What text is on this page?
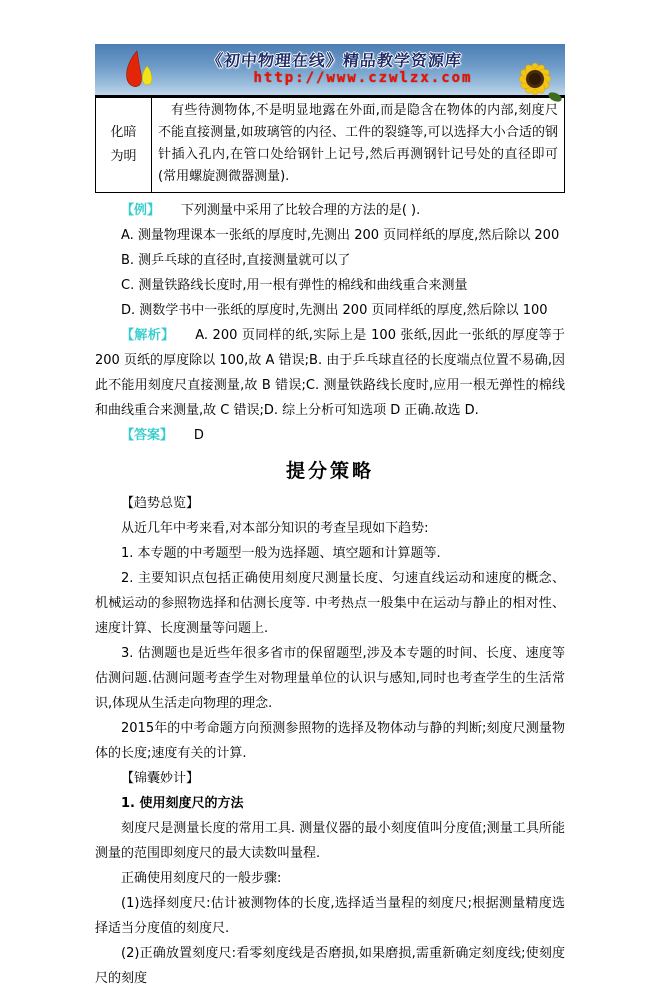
《初中物理在线》精品教学资源库
http://www.czwlzx.com
化暗
为明
	有些待测物体,不是明显地露在外面,而是隐含在物体的内部,刻度尺不能直接测量,如玻璃管的内径、工件的裂缝等,可以选择大小合适的钢针插入孔内,在管口处给钢针上记号,然后再测钢针记号处的直径即可(常用螺旋测微器测量).

【例】 下列测量中采用了比较合理的方法的是( ).

A. 测量物理课本一张纸的厚度时,先测出 200 页同样纸的厚度,然后除以 200

B. 测乒乓球的直径时,直接测量就可以了

C. 测量铁路线长度时,用一根有弹性的棉线和曲线重合来测量

D. 测数学书中一张纸的厚度时,先测出 200 页同样纸的厚度,然后除以 100

【解析】 A. 200 页同样的纸,实际上是 100 张纸,因此一张纸的厚度等于 200 页纸的厚度除以 100,故 A 错误;B. 由于乒乓球直径的长度端点位置不易确,因此不能用刻度尺直接测量,故 B 错误;C. 测量铁路线长度时,应用一根无弹性的棉线和曲线重合来测量,故 C 错误;D. 综上分析可知选项 D 正确.故选 D.

【答案】 D

提分策略

【趋势总览】

从近几年中考来看,对本部分知识的考查呈现如下趋势:

1. 本专题的中考题型一般为选择题、填空题和计算题等.

2. 主要知识点包括正确使用刻度尺测量长度、匀速直线运动和速度的概念、机械运动的参照物选择和估测长度等. 中考热点一般集中在运动与静止的相对性、速度计算、长度测量等问题上.

3. 估测题也是近些年很多省市的保留题型,涉及本专题的时间、长度、速度等估测问题.估测问题考查学生对物理量单位的认识与感知,同时也考查学生的生活常识,体现从生活走向物理的理念.

2015年的中考命题方向预测参照物的选择及物体动与静的判断;刻度尺测量物体的长度;速度有关的计算.

【锦囊妙计】

1. 使用刻度尺的方法

刻度尺是测量长度的常用工具. 测量仪器的最小刻度值叫分度值;测量工具所能测量的范围即刻度尺的最大读数叫量程.

正确使用刻度尺的一般步骤:

(1)选择刻度尺:估计被测物体的长度,选择适当量程的刻度尺;根据测量精度选择适当分度值的刻度尺.

(2)正确放置刻度尺:看零刻度线是否磨损,如果磨损,需重新确定刻度线;使刻度尺的刻度
